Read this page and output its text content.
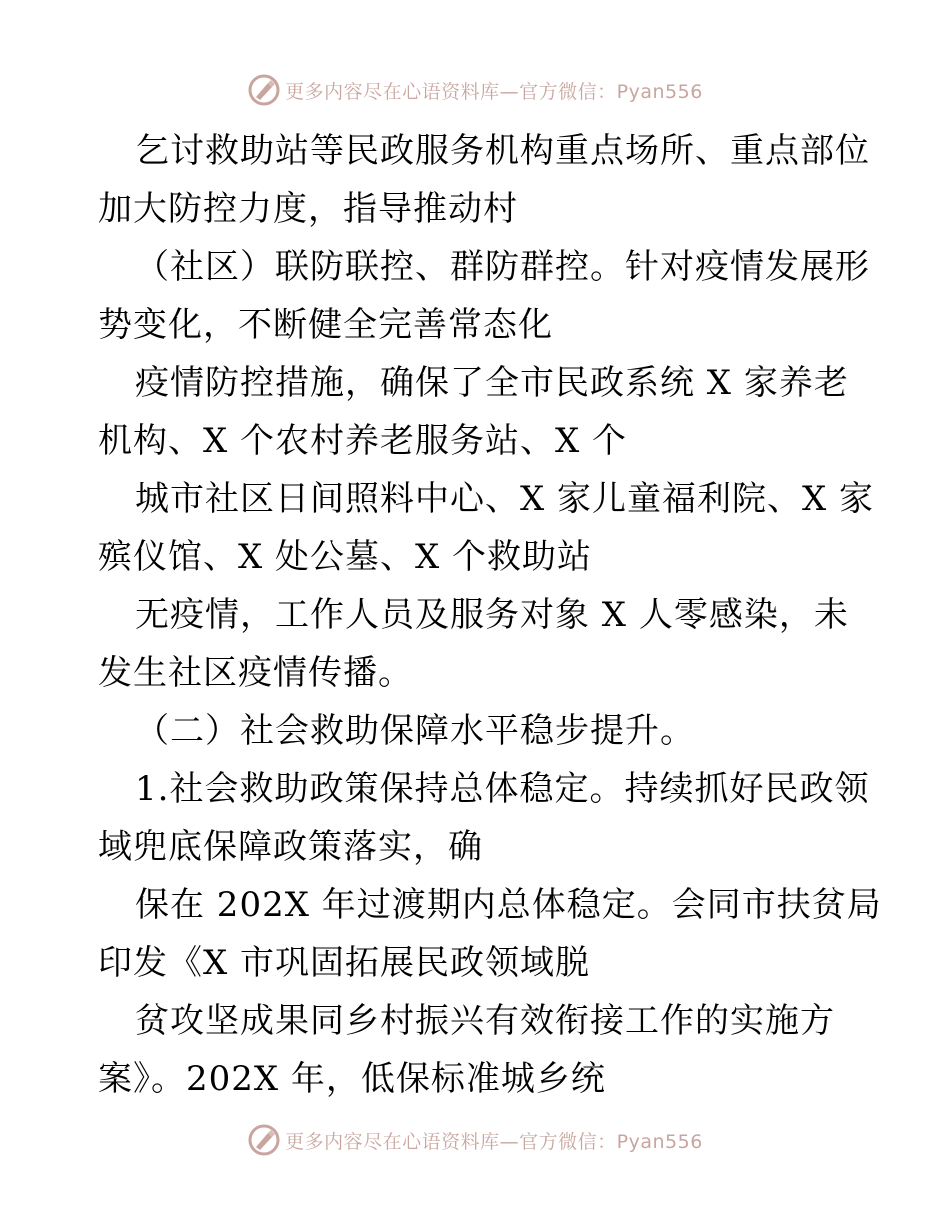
更多内容尽在心语资料库—官方微信：Pyan556
乞讨救助站等民政服务机构重点场所、重点部位
加大防控力度，指导推动村
（社区）联防联控、群防群控。针对疫情发展形
势变化，不断健全完善常态化
疫情防控措施，确保了全市民政系统 X 家养老
机构、X 个农村养老服务站、X 个
城市社区日间照料中心、X 家儿童福利院、X 家
殡仪馆、X 处公墓、X 个救助站
无疫情，工作人员及服务对象 X 人零感染，未
发生社区疫情传播。
（二）社会救助保障水平稳步提升。
1.社会救助政策保持总体稳定。持续抓好民政领
域兜底保障政策落实，确
保在 202X 年过渡期内总体稳定。会同市扶贫局
印发《X 市巩固拓展民政领域脱
贫攻坚成果同乡村振兴有效衔接工作的实施方
案》。202X 年，低保标准城乡统
更多内容尽在心语资料库—官方微信：Pyan556
